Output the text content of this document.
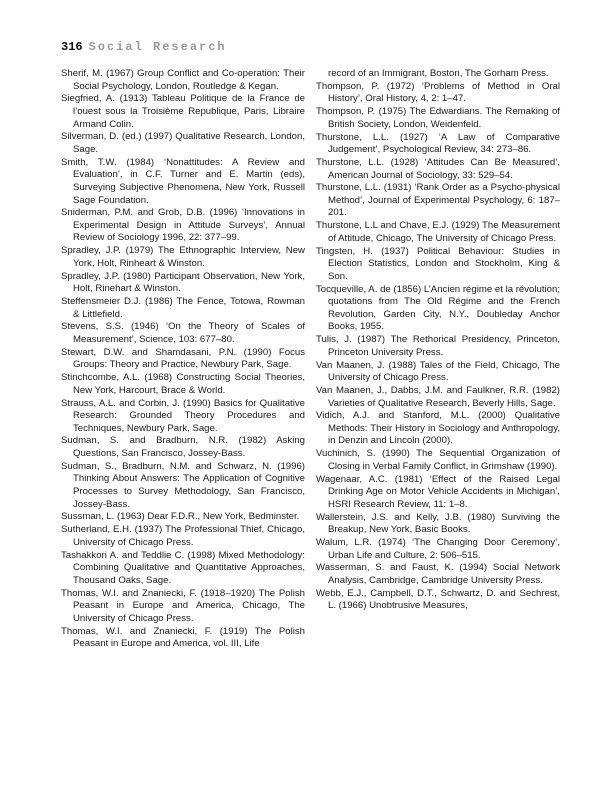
316 Social Research

Sherif, M. (1967) Group Conflict and Co-operation: Their Social Psychology, London, Routledge & Kegan.

Siegfried, A. (1913) Tableau Politique de la France de l’ouest sous la Troisième Republique, Paris, Libraire Armand Colin.

Silverman, D. (ed.) (1997) Qualitative Research, London, Sage.

Smith, T.W. (1984) ‘Nonattitudes: A Review and Evaluation’, in C.F. Turner and E. Martin (eds), Surveying Subjective Phenomena, New York, Russell Sage Foundation.

Sniderman, P.M. and Grob, D.B. (1996) ‘Innovations in Experimental Design in Attitude Surveys’, Annual Review of Sociology 1996, 22: 377–99.

Spradley, J.P. (1979) The Ethnographic Interview, New York, Holt, Rinheart & Winston.

Spradley, J.P. (1980) Participant Observation, New York, Holt, Rinehart & Winston.

Steffensmeier D.J. (1986) The Fence, Totowa, Rowman & Littlefield.

Stevens, S.S. (1946) ‘On the Theory of Scales of Measurement’, Science, 103: 677–80.

Stewart, D.W. and Shamdasani, P.N. (1990) Focus Groups: Theory and Practice, Newbury Park, Sage.

Stinchcombe, A.L. (1968) Constructing Social Theories, New York, Harcourt, Brace & World.

Strauss, A.L. and Corbin, J. (1990) Basics for Qualitative Research: Grounded Theory Procedures and Techniques, Newbury Park, Sage.

Sudman, S. and Bradburn, N.R. (1982) Asking Questions, San Francisco, Jossey-Bass.

Sudman, S., Bradburn, N.M. and Schwarz, N. (1996) Thinking About Answers: The Application of Cognitive Processes to Survey Methodology, San Francisco, Jossey-Bass.

Sussman, L. (1963) Dear F.D.R., New York, Bedminster.

Sutherland, E.H. (1937) The Professional Thief, Chicago, University of Chicago Press.

Tashakkori A. and Teddlie C. (1998) Mixed Methodology: Combining Qualitative and Quantitative Approaches, Thousand Oaks, Sage.

Thomas, W.I. and Znaniecki, F. (1918–1920) The Polish Peasant in Europe and America, Chicago, The University of Chicago Press.

Thomas, W.I. and Znaniecki, F. (1919) The Polish Peasant in Europe and America, vol. III, Life

record of an Immigrant, Boston, The Gorham Press.

Thompson, P. (1972) ‘Problems of Method in Oral History’, Oral History, 4, 2: 1–47.

Thompson, P. (1975) The Edwardians. The Remaking of British Society, London, Weidenfeld.

Thurstone, L.L. (1927) ‘A Law of Comparative Judgement’, Psychological Review, 34: 273–86.

Thurstone, L.L. (1928) ‘Attitudes Can Be Measured’, American Journal of Sociology, 33: 529–54.

Thurstone, L.L. (1931) ‘Rank Order as a Psycho-physical Method’, Journal of Experimental Psychology, 6: 187–201.

Thurstone, L.L and Chave, E.J. (1929) The Measurement of Attitude, Chicago, The University of Chicago Press.

Tingsten, H. (1937) Political Behaviour: Studies in Election Statistics, London and Stockholm, King & Son.

Tocqueville, A. de (1856) L’Ancien régime et la révolution; quotations from The Old Régime and the French Revolution, Garden City, N.Y., Doubleday Anchor Books, 1955.

Tulis, J. (1987) The Rethorical Presidency, Princeton, Princeton University Press.

Van Maanen, J. (1988) Tales of the Field, Chicago, The University of Chicago Press.

Van Maanen, J., Dabbs, J.M. and Faulkner, R.R. (1982) Varieties of Qualitative Research, Beverly Hills, Sage.

Vidich, A.J. and Stanford, M.L. (2000) Qualitative Methods: Their History in Sociology and Anthropology, in Denzin and Lincoln (2000).

Vuchinich, S. (1990) The Sequential Organization of Closing in Verbal Family Conflict, in Grimshaw (1990).

Wagenaar, A.C. (1981) ‘Effect of the Raised Legal Drinking Age on Motor Vehicle Accidents in Michigan’, HSRI Research Review, 11: 1–8.

Wallerstein, J.S. and Kelly, J.B. (1980) Surviving the Breakup, New York, Basic Books.

Walum, L.R. (1974) ‘The Changing Door Ceremony’, Urban Life and Culture, 2: 506–515.

Wasserman, S. and Faust, K. (1994) Social Network Analysis, Cambridge, Cambridge University Press.

Webb, E.J., Campbell, D.T., Schwartz, D. and Sechrest, L. (1966) Unobtrusive Measures,
